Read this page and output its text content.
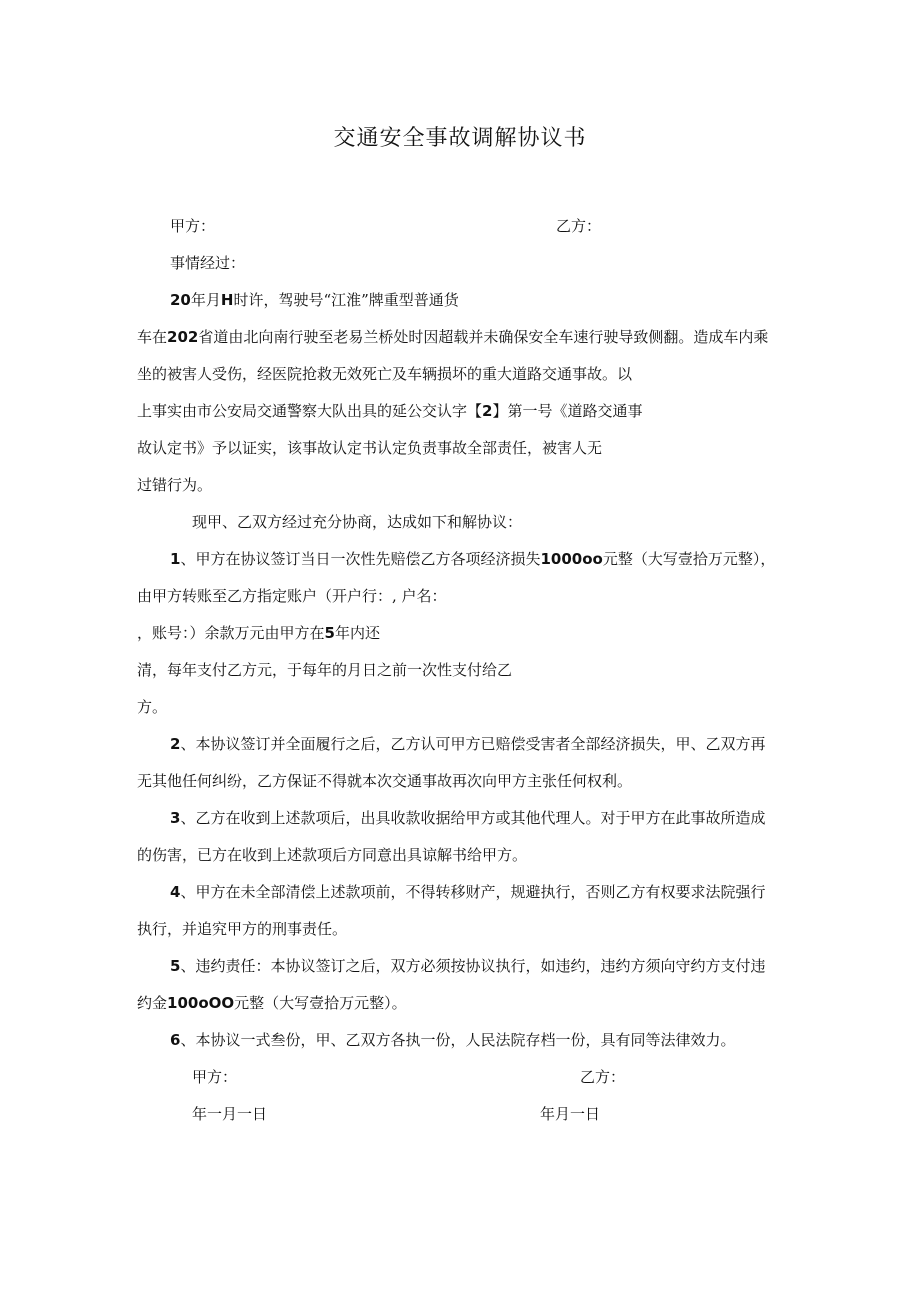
交通安全事故调解协议书
甲方：	乙方：
事情经过：
20年月H时许，驾驶号“江淮”牌重型普通货
车在202省道由北向南行驶至老易兰桥处时因超载并未确保安全车速行驶导致侧翻。造成车内乘
坐的被害人受伤，经医院抢救无效死亡及车辆损坏的重大道路交通事故。以
上事实由市公安局交通警察大队出具的延公交认字【2】第一号《道路交通事
故认定书》予以证实，该事故认定书认定负责事故全部责任，被害人无
过错行为。
现甲、乙双方经过充分协商，达成如下和解协议：
1、甲方在协议签订当日一次性先赔偿乙方各项经济损失1000oo元整（大写壹拾万元整），
由甲方转账至乙方指定账户（开户行：, 户名：
，账号：）余款万元由甲方在5年内还
清，每年支付乙方元，于每年的月日之前一次性支付给乙
方。
2、本协议签订并全面履行之后，乙方认可甲方已赔偿受害者全部经济损失，甲、乙双方再
无其他任何纠纷，乙方保证不得就本次交通事故再次向甲方主张任何权利。
3、乙方在收到上述款项后，出具收款收据给甲方或其他代理人。对于甲方在此事故所造成
的伤害，已方在收到上述款项后方同意出具谅解书给甲方。
4、甲方在未全部清偿上述款项前，不得转移财产，规避执行，否则乙方有权要求法院强行
执行，并追究甲方的刑事责任。
5、违约责任：本协议签订之后，双方必须按协议执行，如违约，违约方须向守约方支付违
约金100oOO元整（大写壹拾万元整）。
6、本协议一式叁份，甲、乙双方各执一份，人民法院存档一份，具有同等法律效力。
甲方：	乙方：
年一月一日	年月一日
